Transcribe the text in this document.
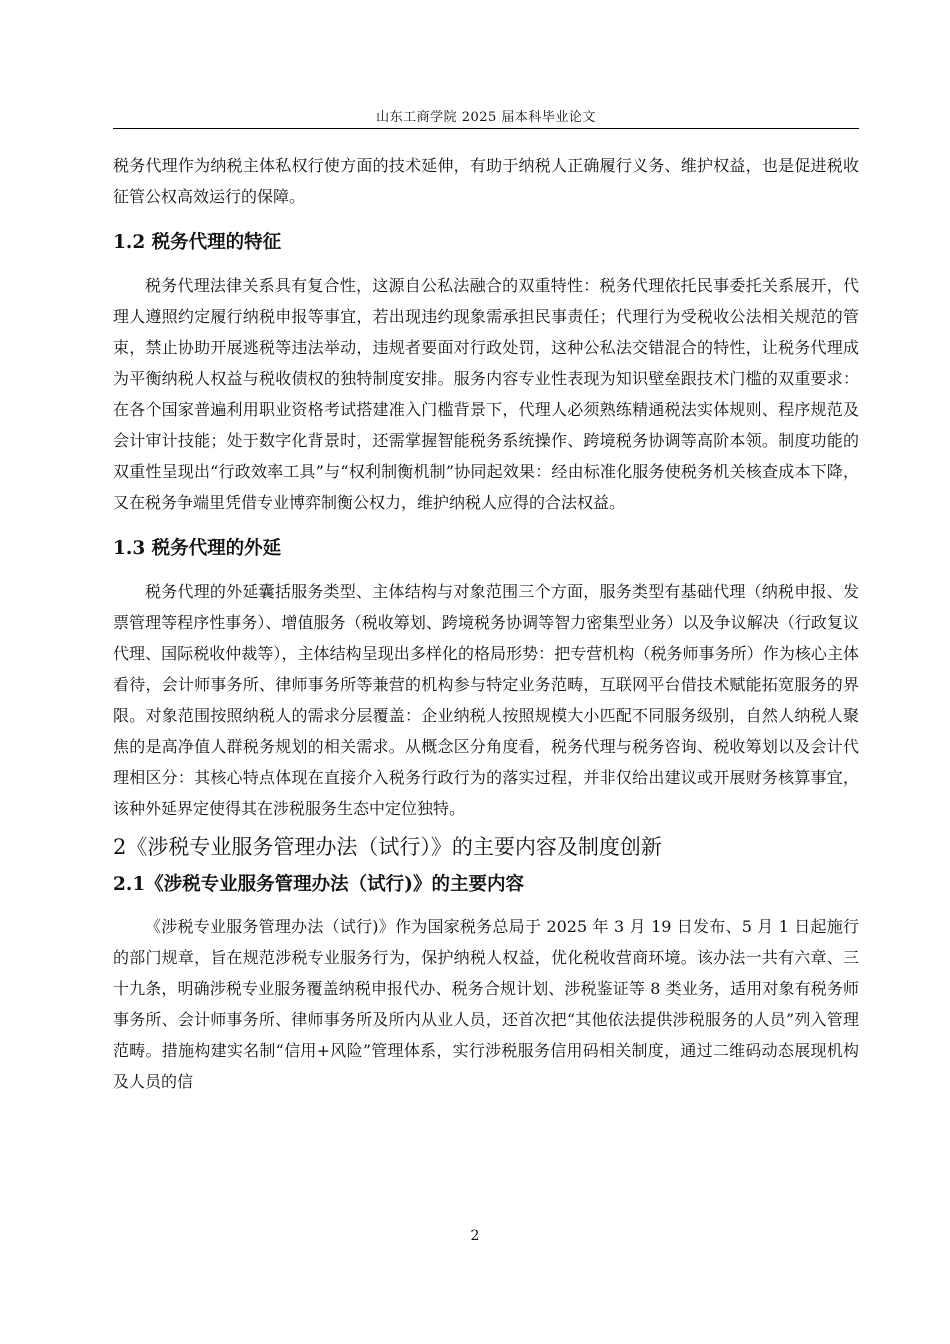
山东工商学院 2025 届本科毕业论文

税务代理作为纳税主体私权行使方面的技术延伸，有助于纳税人正确履行义务、维护权益，也是促进税收征管公权高效运行的保障。

1.2 税务代理的特征

税务代理法律关系具有复合性，这源自公私法融合的双重特性：税务代理依托民事委托关系展开，代理人遵照约定履行纳税申报等事宜，若出现违约现象需承担民事责任；代理行为受税收公法相关规范的管束，禁止协助开展逃税等违法举动，违规者要面对行政处罚，这种公私法交错混合的特性，让税务代理成为平衡纳税人权益与税收债权的独特制度安排。服务内容专业性表现为知识壁垒跟技术门槛的双重要求：在各个国家普遍利用职业资格考试搭建准入门槛背景下，代理人必须熟练精通税法实体规则、程序规范及会计审计技能；处于数字化背景时，还需掌握智能税务系统操作、跨境税务协调等高阶本领。制度功能的双重性呈现出“行政效率工具”与“权利制衡机制”协同起效果：经由标准化服务使税务机关核查成本下降，又在税务争端里凭借专业博弈制衡公权力，维护纳税人应得的合法权益。

1.3 税务代理的外延

税务代理的外延囊括服务类型、主体结构与对象范围三个方面，服务类型有基础代理（纳税申报、发票管理等程序性事务）、增值服务（税收筹划、跨境税务协调等智力密集型业务）以及争议解决（行政复议代理、国际税收仲裁等），主体结构呈现出多样化的格局形势：把专营机构（税务师事务所）作为核心主体看待，会计师事务所、律师事务所等兼营的机构参与特定业务范畴，互联网平台借技术赋能拓宽服务的界限。对象范围按照纳税人的需求分层覆盖：企业纳税人按照规模大小匹配不同服务级别，自然人纳税人聚焦的是高净值人群税务规划的相关需求。从概念区分角度看，税务代理与税务咨询、税收筹划以及会计代理相区分：其核心特点体现在直接介入税务行政行为的落实过程，并非仅给出建议或开展财务核算事宜，该种外延界定使得其在涉税服务生态中定位独特。

2《涉税专业服务管理办法（试行）》的主要内容及制度创新
2.1《涉税专业服务管理办法（试行)》的主要内容

《涉税专业服务管理办法（试行)》作为国家税务总局于 2025 年 3 月 19 日发布、5 月 1 日起施行的部门规章，旨在规范涉税专业服务行为，保护纳税人权益，优化税收营商环境。该办法一共有六章、三十九条，明确涉税专业服务覆盖纳税申报代办、税务合规计划、涉税鉴证等 8 类业务，适用对象有税务师事务所、会计师事务所、律师事务所及所内从业人员，还首次把“其他依法提供涉税服务的人员”列入管理范畴。措施构建实名制“信用+风险”管理体系，实行涉税服务信用码相关制度，通过二维码动态展现机构及人员的信

2
